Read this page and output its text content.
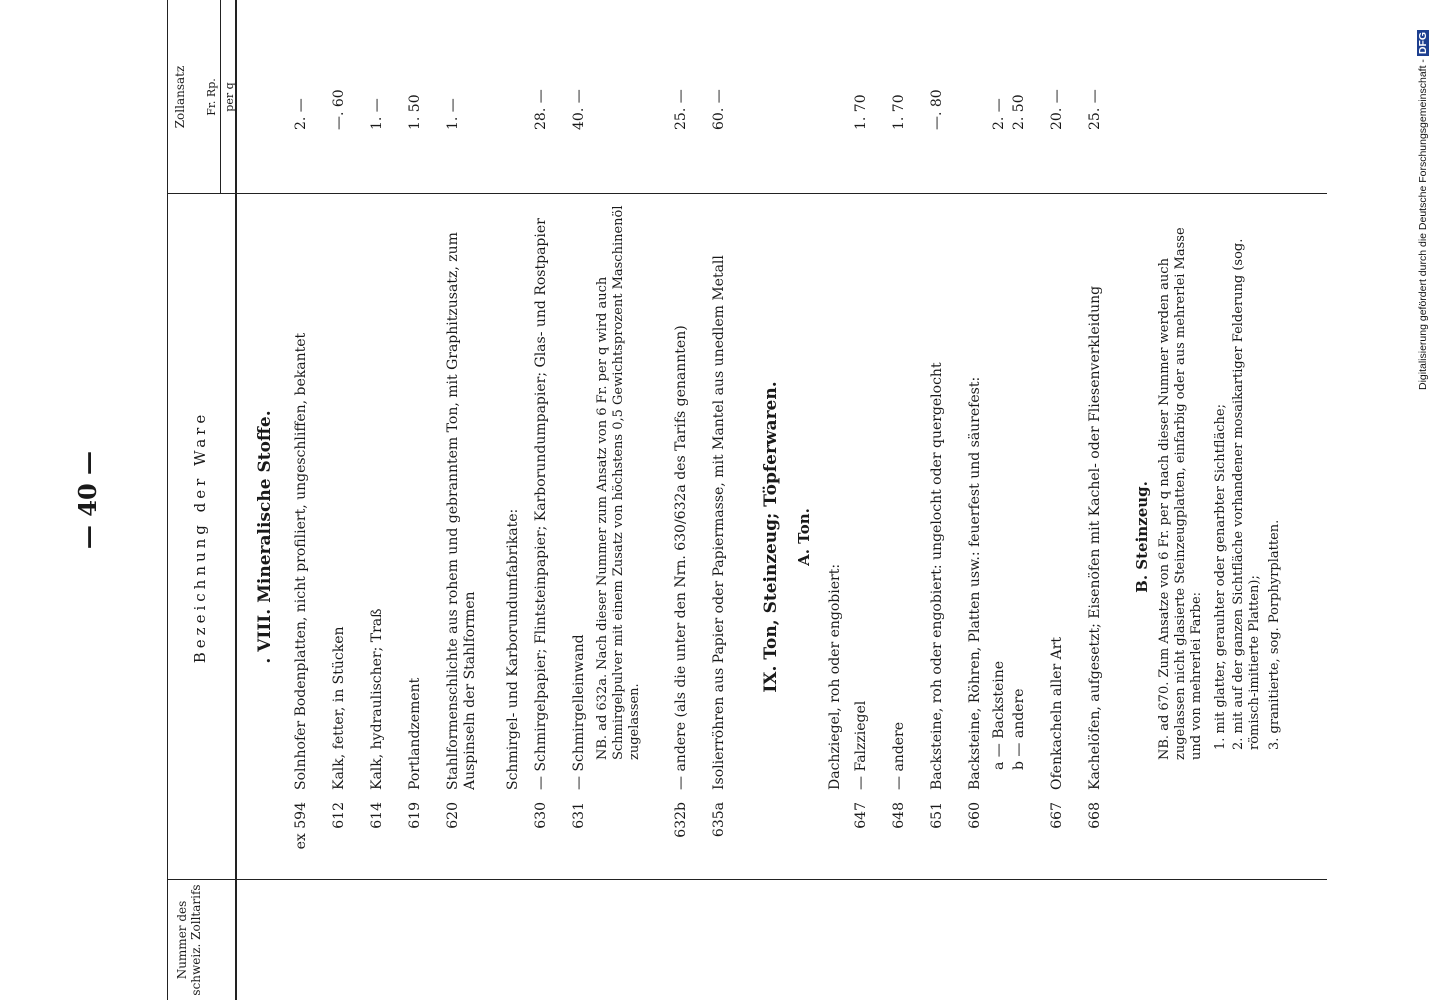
Digitalisierung gefördert durch die Deutsche Forschungsgemeinschaft -DFG
— 40 —
Nummer des schweiz. Zolltarifs
Bezeichnung der Ware
Zollansatz Fr. Rp. per q
. VIII. Mineralische Stoffe.
ex 594
Solnhofer Bodenplatten, nicht profiliert, ungeschliffen, bekantet
2. —
612
Kalk, fetter, in Stücken
—. 60
614
Kalk, hydraulischer; Traß
1. —
619
Portlandzement
1. 50
620
Stahlformenschlichte aus rohem und gebranntem Ton, mit Graphitzusatz, zum Auspinseln der Stahlformen
1. —
Schmirgel- und Karborundumfabrikate:
630
— Schmirgelpapier; Flintsteinpapier; Karborundumpapier; Glas- und Rostpapier
28. —
631
— Schmirgelleinwand
40. —
NB. ad 632a. Nach dieser Nummer zum Ansatz von 6 Fr. per q wird auch Schmirgelpulver mit einem Zusatz von höchstens 0,5 Gewichtsprozent Maschinenöl zugelassen.
632b
— andere (als die unter den Nrn. 630/632a des Tarifs genannten)
25. —
635a
Isolierröhren aus Papier oder Papiermasse, mit Mantel aus unedlem Metall
60. —
IX. Ton, Steinzeug; Töpferwaren. A. Ton.
Dachziegel, roh oder engobiert:
647
— Falzziegel
1. 70
648
— andere
1. 70
651
Backsteine, roh oder engobiert: ungelocht oder quergelocht
—. 80
660
Backsteine, Röhren, Platten usw.: feuerfest und säurefest: a — Backsteine
2. —
b — andere
2. 50
667
Ofenkacheln aller Art
20. —
668
Kachelöfen, aufgesetzt; Eisenöfen mit Kachel- oder Fliesenverkleidung
25. —
B. Steinzeug. NB. ad 670. Zum Ansatze von 6 Fr. per q nach dieser Nummer werden auch zugelassen nicht glasierte Steinzeugplatten, einfarbig oder aus mehrerlei Masse und von mehrerlei Farbe: 1. mit glatter, gerauhter oder genarbter Sichtfläche; 2. mit auf der ganzen Sichtfläche vorhandener mosaikartiger Felderung (sog. römisch-imitierte Platten); 3. granitierte, sog. Porphyrplatten.
